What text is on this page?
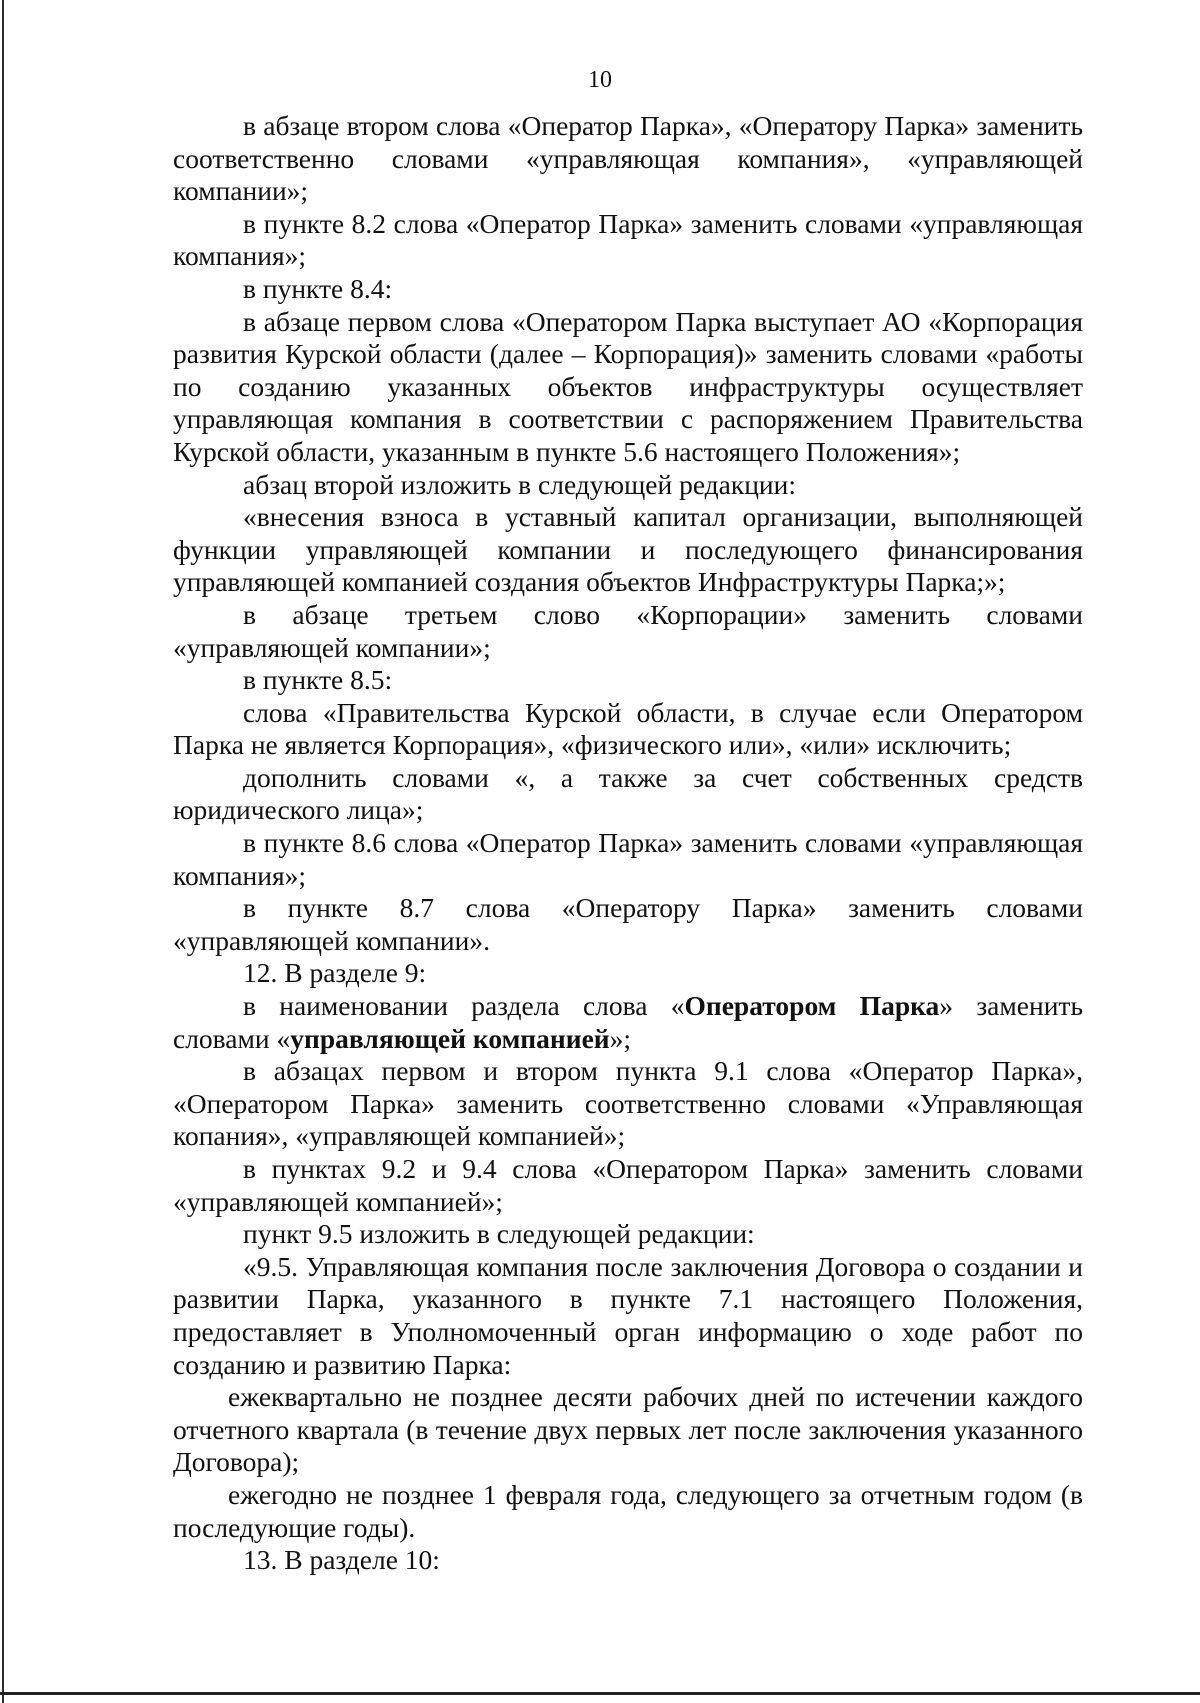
10

в абзаце втором слова «Оператор Парка», «Оператору Парка» заменить соответственно словами «управляющая компания», «управляющей компании»;

в пункте 8.2 слова «Оператор Парка» заменить словами «управляющая компания»;

в пункте 8.4:

в абзаце первом слова «Оператором Парка выступает АО «Корпорация развития Курской области (далее – Корпорация)» заменить словами «работы по созданию указанных объектов инфраструктуры осуществляет управляющая компания в соответствии с распоряжением Правительства Курской области, указанным в пункте 5.6 настоящего Положения»;

абзац второй изложить в следующей редакции:

«внесения взноса в уставный капитал организации, выполняющей функции управляющей компании и последующего финансирования управляющей компанией создания объектов Инфраструктуры Парка;»;

в абзаце третьем слово «Корпорации» заменить словами «управляющей компании»;

в пункте 8.5:

слова «Правительства Курской области, в случае если Оператором Парка не является Корпорация», «физического или», «или» исключить;

дополнить словами «, а также за счет собственных средств юридического лица»;

в пункте 8.6 слова «Оператор Парка» заменить словами «управляющая компания»;

в пункте 8.7 слова «Оператору Парка» заменить словами «управляющей компании».

12. В разделе 9:

в наименовании раздела слова «Оператором Парка» заменить словами «управляющей компанией»;

в абзацах первом и втором пункта 9.1 слова «Оператор Парка», «Оператором Парка» заменить соответственно словами «Управляющая копания», «управляющей компанией»;

в пунктах 9.2 и 9.4 слова «Оператором Парка» заменить словами «управляющей компанией»;

пункт 9.5 изложить в следующей редакции:

«9.5. Управляющая компания после заключения Договора о создании и развитии Парка, указанного в пункте 7.1 настоящего Положения, предоставляет в Уполномоченный орган информацию о ходе работ по созданию и развитию Парка:

ежеквартально не позднее десяти рабочих дней по истечении каждого отчетного квартала (в течение двух первых лет после заключения указанного Договора);

ежегодно не позднее 1 февраля года, следующего за отчетным годом (в последующие годы).

13. В разделе 10:
